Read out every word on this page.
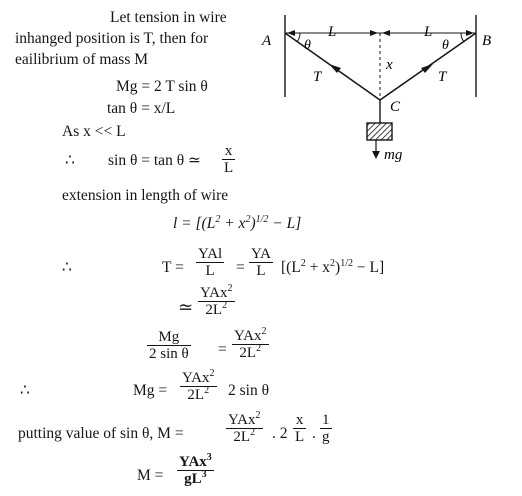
Let tension in wire
inhanged position is T, then for
eailibrium of mass M
Mg = 2 T sin θ
tan θ = x/L
As x << L
∴ sin θ = tan θ ≃ $\frac{x}{L}$
extension in length of wire
$l = [(L^2 + x^2)^{1/2} - L]$
∴	T =
YAl
L	= $\frac{YA}{L} [(L^2 + x^2)^{1/2} - L]$
≃
YAx$^2$
$2L^2$
$\frac{Mg}{\text{2 sin θ}}$ =
YAx$^2$
$2L^2$
∴	Mg =
YAx$^2$
$2L^2$	2 sin θ
putting value of sin θ, M =
YAx$^2$
$2L^2$	. $2 \frac{x}{L}$ . $\frac{1}{g}$
M =
YAx$^3$
$gL^3$
A	B
C
L	L
θ	θ
T	T
x
mg
